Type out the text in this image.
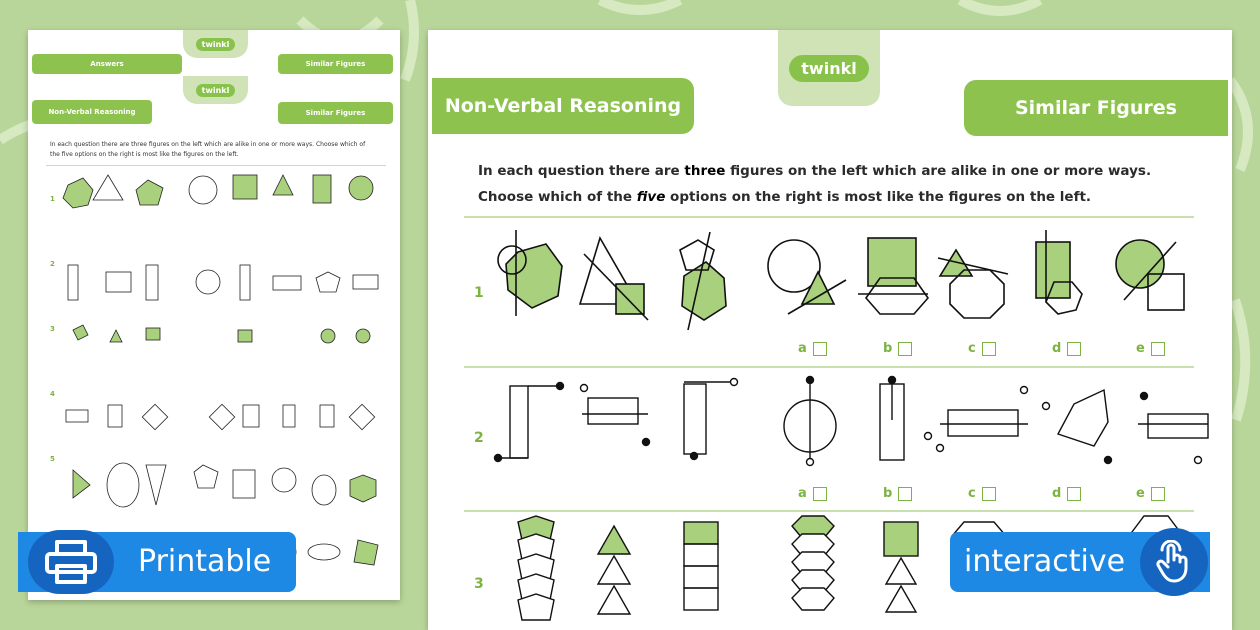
twinkl
Answers	Similar Figures
twinkl
Non-Verbal Reasoning	Similar Figures
In each question there are three figures on the left which are alike in one or more ways. Choose which of the five options on the right is most like the figures on the left.
1
2
3
4
5
twinkl
Non-Verbal Reasoning	Similar Figures
In each question there are three figures on the left which are alike in one or more ways.
Choose which of the five options on the right is most like the figures on the left.
1
a	b	c	d	e
2
a	b	c	d	e
3
Printable	interactive
